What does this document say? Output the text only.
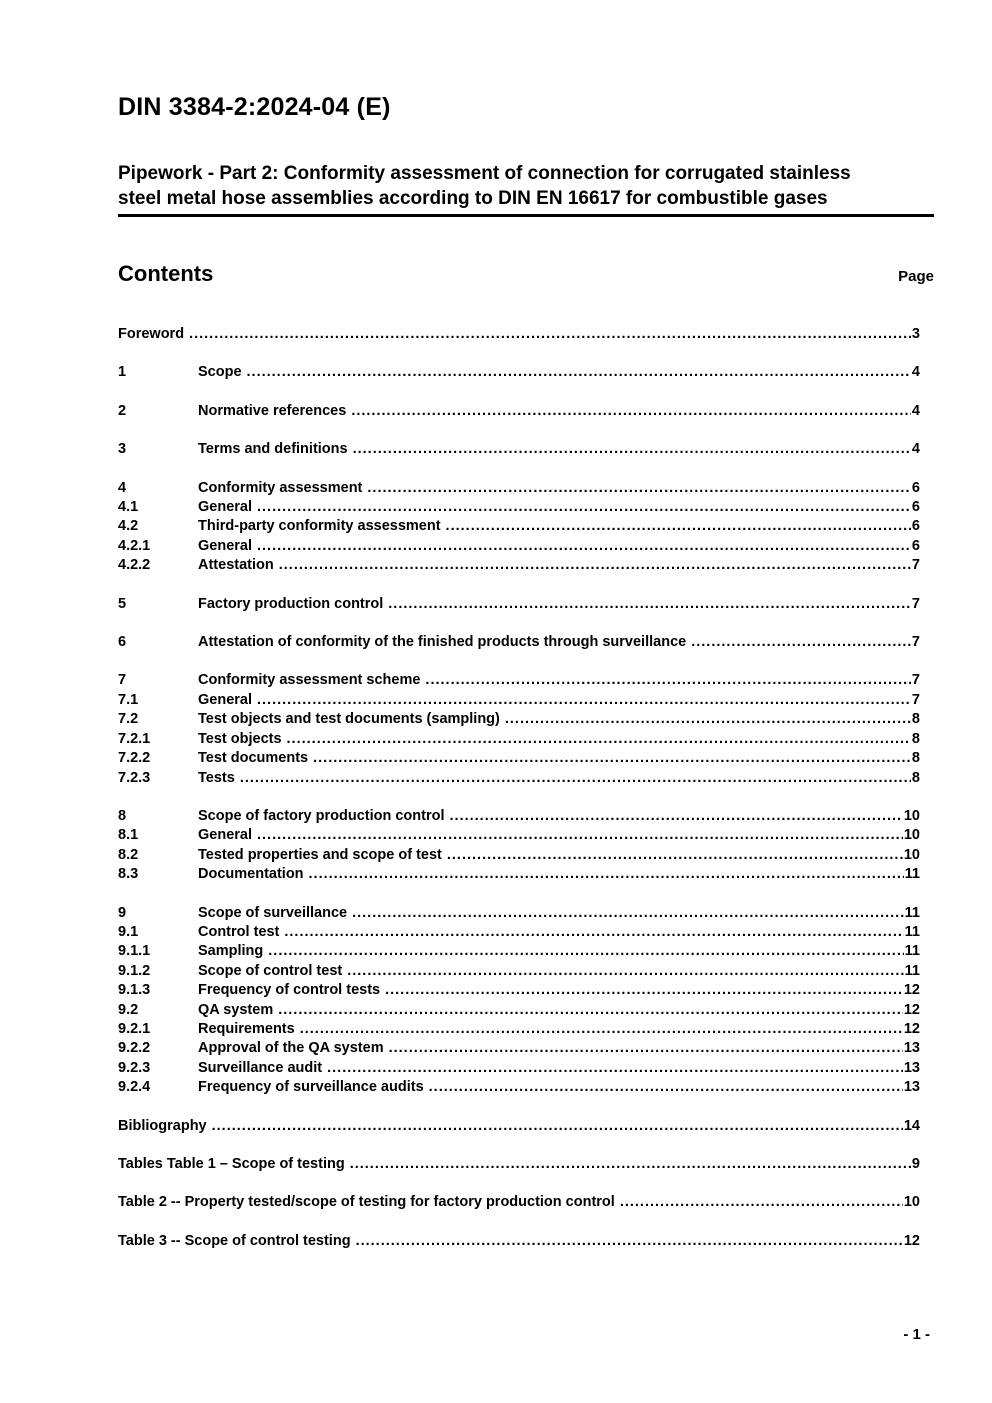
DIN 3384-2:2024-04 (E)
Pipework - Part 2: Conformity assessment of connection for corrugated stainless
steel metal hose assemblies according to DIN EN 16617 for combustible gases
Contents	Page
Foreword .....	3
1	Scope .....	4
2	Normative references .....	4
3	Terms and definitions .....	4
4	Conformity assessment .....	6
4.1	General .....	6
4.2	Third-party conformity assessment .....	6
4.2.1	General .....	6
4.2.2	Attestation .....	7
5	Factory production control .....	7
6	Attestation of conformity of the finished products through surveillance .....	7
7	Conformity assessment scheme .....	7
7.1	General .....	7
7.2	Test objects and test documents (sampling) .....	8
7.2.1	Test objects .....	8
7.2.2	Test documents .....	8
7.2.3	Tests .....	8
8	Scope of factory production control .....	10
8.1	General .....	10
8.2	Tested properties and scope of test .....	10
8.3	Documentation .....	11
9	Scope of surveillance .....	11
9.1	Control test .....	11
9.1.1	Sampling .....	11
9.1.2	Scope of control test .....	11
9.1.3	Frequency of control tests .....	12
9.2	QA system .....	12
9.2.1	Requirements .....	12
9.2.2	Approval of the QA system .....	13
9.2.3	Surveillance audit .....	13
9.2.4	Frequency of surveillance audits .....	13
Bibliography .....	14
Tables Table 1 – Scope of testing .....	9
Table 2 -- Property tested/scope of testing for factory production control .....	10
Table 3 -- Scope of control testing .....	12
- 1 -
